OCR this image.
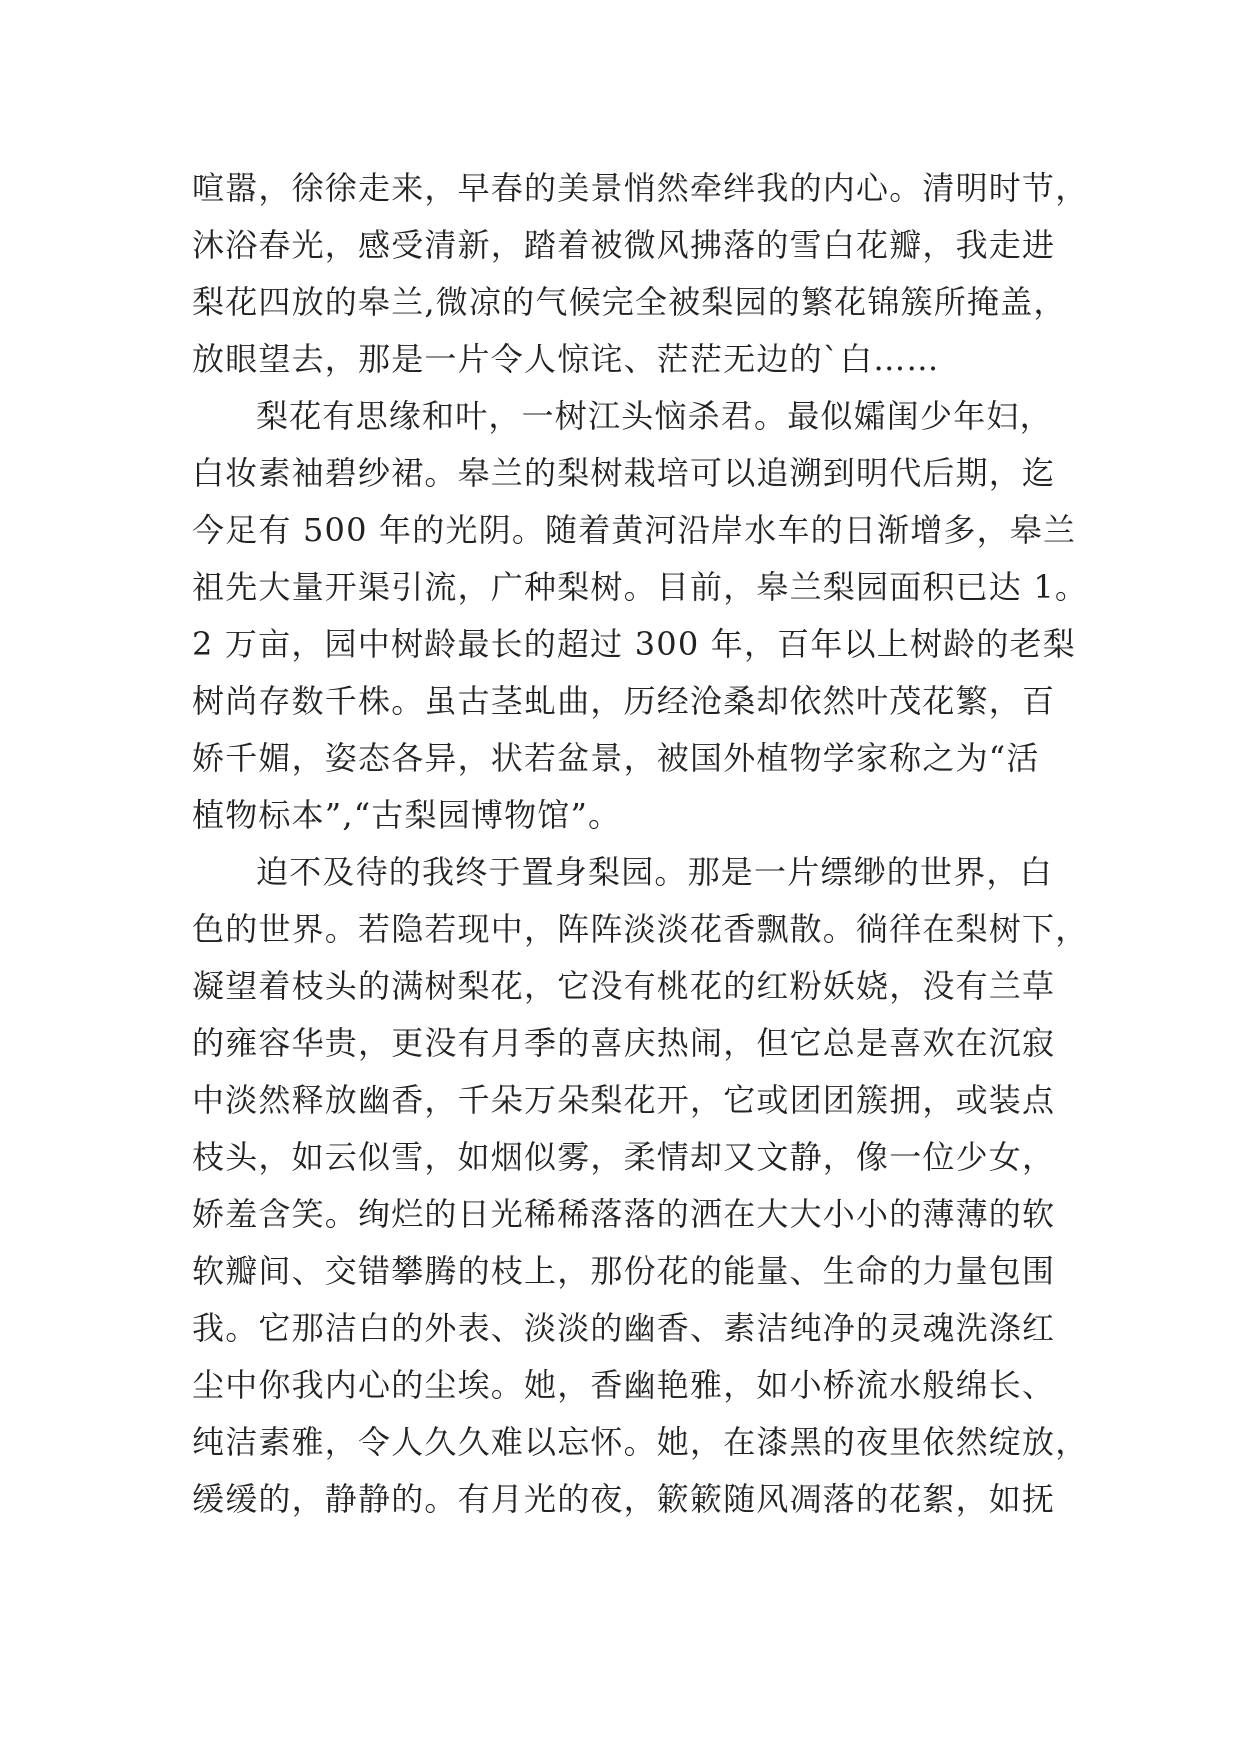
喧嚣，徐徐走来，早春的美景悄然牵绊我的内心。清明时节，
沐浴春光，感受清新，踏着被微风拂落的雪白花瓣，我走进
梨花四放的皋兰,微凉的气候完全被梨园的繁花锦簇所掩盖，
放眼望去，那是一片令人惊诧、茫茫无边的`白……
梨花有思缘和叶，一树江头恼杀君。最似孀闺少年妇，
白妆素袖碧纱裙。皋兰的梨树栽培可以追溯到明代后期，迄
今足有 500 年的光阴。随着黄河沿岸水车的日渐增多，皋兰
祖先大量开渠引流，广种梨树。目前，皋兰梨园面积已达 1。
2 万亩，园中树龄最长的超过 300 年，百年以上树龄的老梨
树尚存数千株。虽古茎虬曲，历经沧桑却依然叶茂花繁，百
娇千媚，姿态各异，状若盆景，被国外植物学家称之为“活
植物标本”,“古梨园博物馆”。
迫不及待的我终于置身梨园。那是一片缥缈的世界，白
色的世界。若隐若现中，阵阵淡淡花香飘散。徜徉在梨树下，
凝望着枝头的满树梨花，它没有桃花的红粉妖娆，没有兰草
的雍容华贵，更没有月季的喜庆热闹，但它总是喜欢在沉寂
中淡然释放幽香，千朵万朵梨花开，它或团团簇拥，或装点
枝头，如云似雪，如烟似雾，柔情却又文静，像一位少女，
娇羞含笑。绚烂的日光稀稀落落的洒在大大小小的薄薄的软
软瓣间、交错攀腾的枝上，那份花的能量、生命的力量包围
我。它那洁白的外表、淡淡的幽香、素洁纯净的灵魂洗涤红
尘中你我内心的尘埃。她，香幽艳雅，如小桥流水般绵长、
纯洁素雅，令人久久难以忘怀。她，在漆黑的夜里依然绽放，
缓缓的，静静的。有月光的夜，簌簌随风凋落的花絮，如抚
